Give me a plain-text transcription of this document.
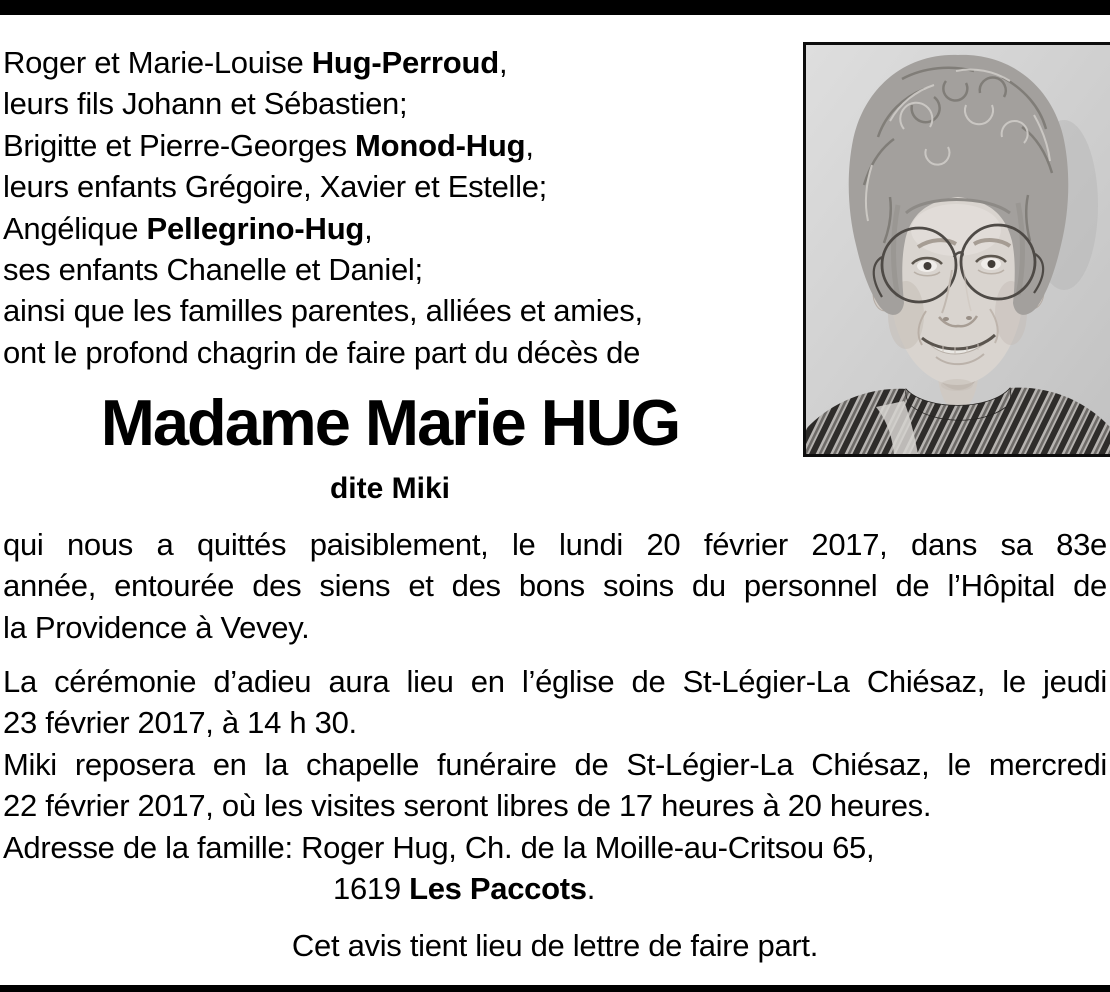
Roger et Marie-Louise Hug-Perroud,
leurs fils Johann et Sébastien;
Brigitte et Pierre-Georges Monod-Hug,
leurs enfants Grégoire, Xavier et Estelle;
Angélique Pellegrino-Hug,
ses enfants Chanelle et Daniel;
ainsi que les familles parentes, alliées et amies,
ont le profond chagrin de faire part du décès de
Madame Marie HUG
dite Miki
qui nous a quittés paisiblement, le lundi 20 février 2017, dans sa 83e
année, entourée des siens et des bons soins du personnel de l’Hôpital de
la Providence à Vevey.
La cérémonie d’adieu aura lieu en l’église de St-Légier-La Chiésaz, le jeudi
23 février 2017, à 14 h 30.
Miki reposera en la chapelle funéraire de St-Légier-La Chiésaz, le mercredi
22 février 2017, où les visites seront libres de 17 heures à 20 heures.
Adresse de la famille: Roger Hug, Ch. de la Moille-au-Critsou 65,
1619 Les Paccots.
Cet avis tient lieu de lettre de faire part.
